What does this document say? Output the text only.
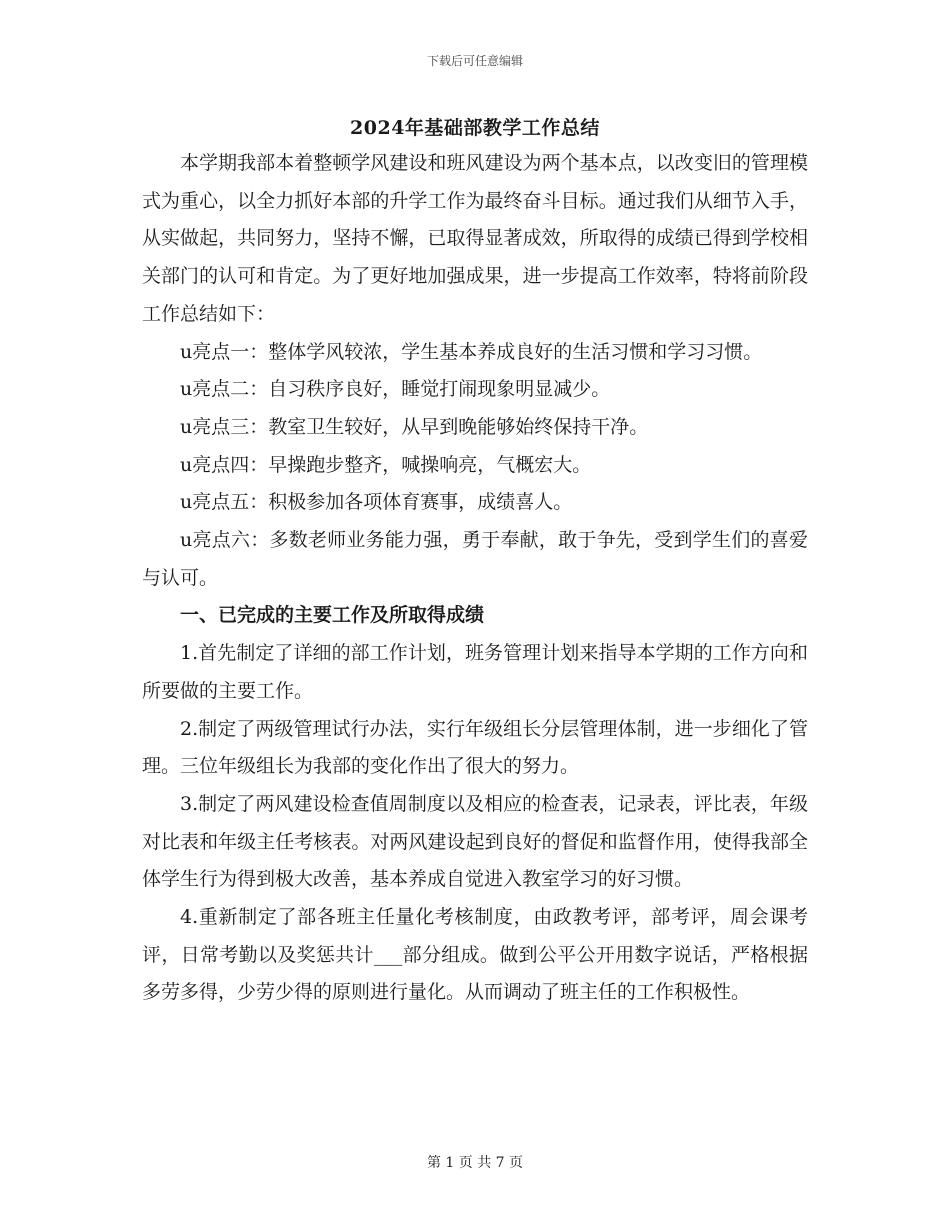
下载后可任意编辑
2024年基础部教学工作总结

本学期我部本着整顿学风建设和班风建设为两个基本点，以改变旧的管理模式为重心，以全力抓好本部的升学工作为最终奋斗目标。通过我们从细节入手，从实做起，共同努力，坚持不懈，已取得显著成效，所取得的成绩已得到学校相关部门的认可和肯定。为了更好地加强成果，进一步提高工作效率，特将前阶段工作总结如下：

u亮点一：整体学风较浓，学生基本养成良好的生活习惯和学习习惯。

u亮点二：自习秩序良好，睡觉打闹现象明显减少。

u亮点三：教室卫生较好，从早到晚能够始终保持干净。

u亮点四：早操跑步整齐，喊操响亮，气概宏大。

u亮点五：积极参加各项体育赛事，成绩喜人。

u亮点六：多数老师业务能力强，勇于奉献，敢于争先，受到学生们的喜爱与认可。

一、已完成的主要工作及所取得成绩

1.首先制定了详细的部工作计划，班务管理计划来指导本学期的工作方向和所要做的主要工作。

2.制定了两级管理试行办法，实行年级组长分层管理体制，进一步细化了管理。三位年级组长为我部的变化作出了很大的努力。

3.制定了两风建设检查值周制度以及相应的检查表，记录表，评比表，年级对比表和年级主任考核表。对两风建设起到良好的督促和监督作用，使得我部全体学生行为得到极大改善，基本养成自觉进入教室学习的好习惯。

4.重新制定了部各班主任量化考核制度，由政教考评，部考评，周会课考评，日常考勤以及奖惩共计___部分组成。做到公平公开用数字说话，严格根据多劳多得，少劳少得的原则进行量化。从而调动了班主任的工作积极性。

第 1 页 共 7 页
